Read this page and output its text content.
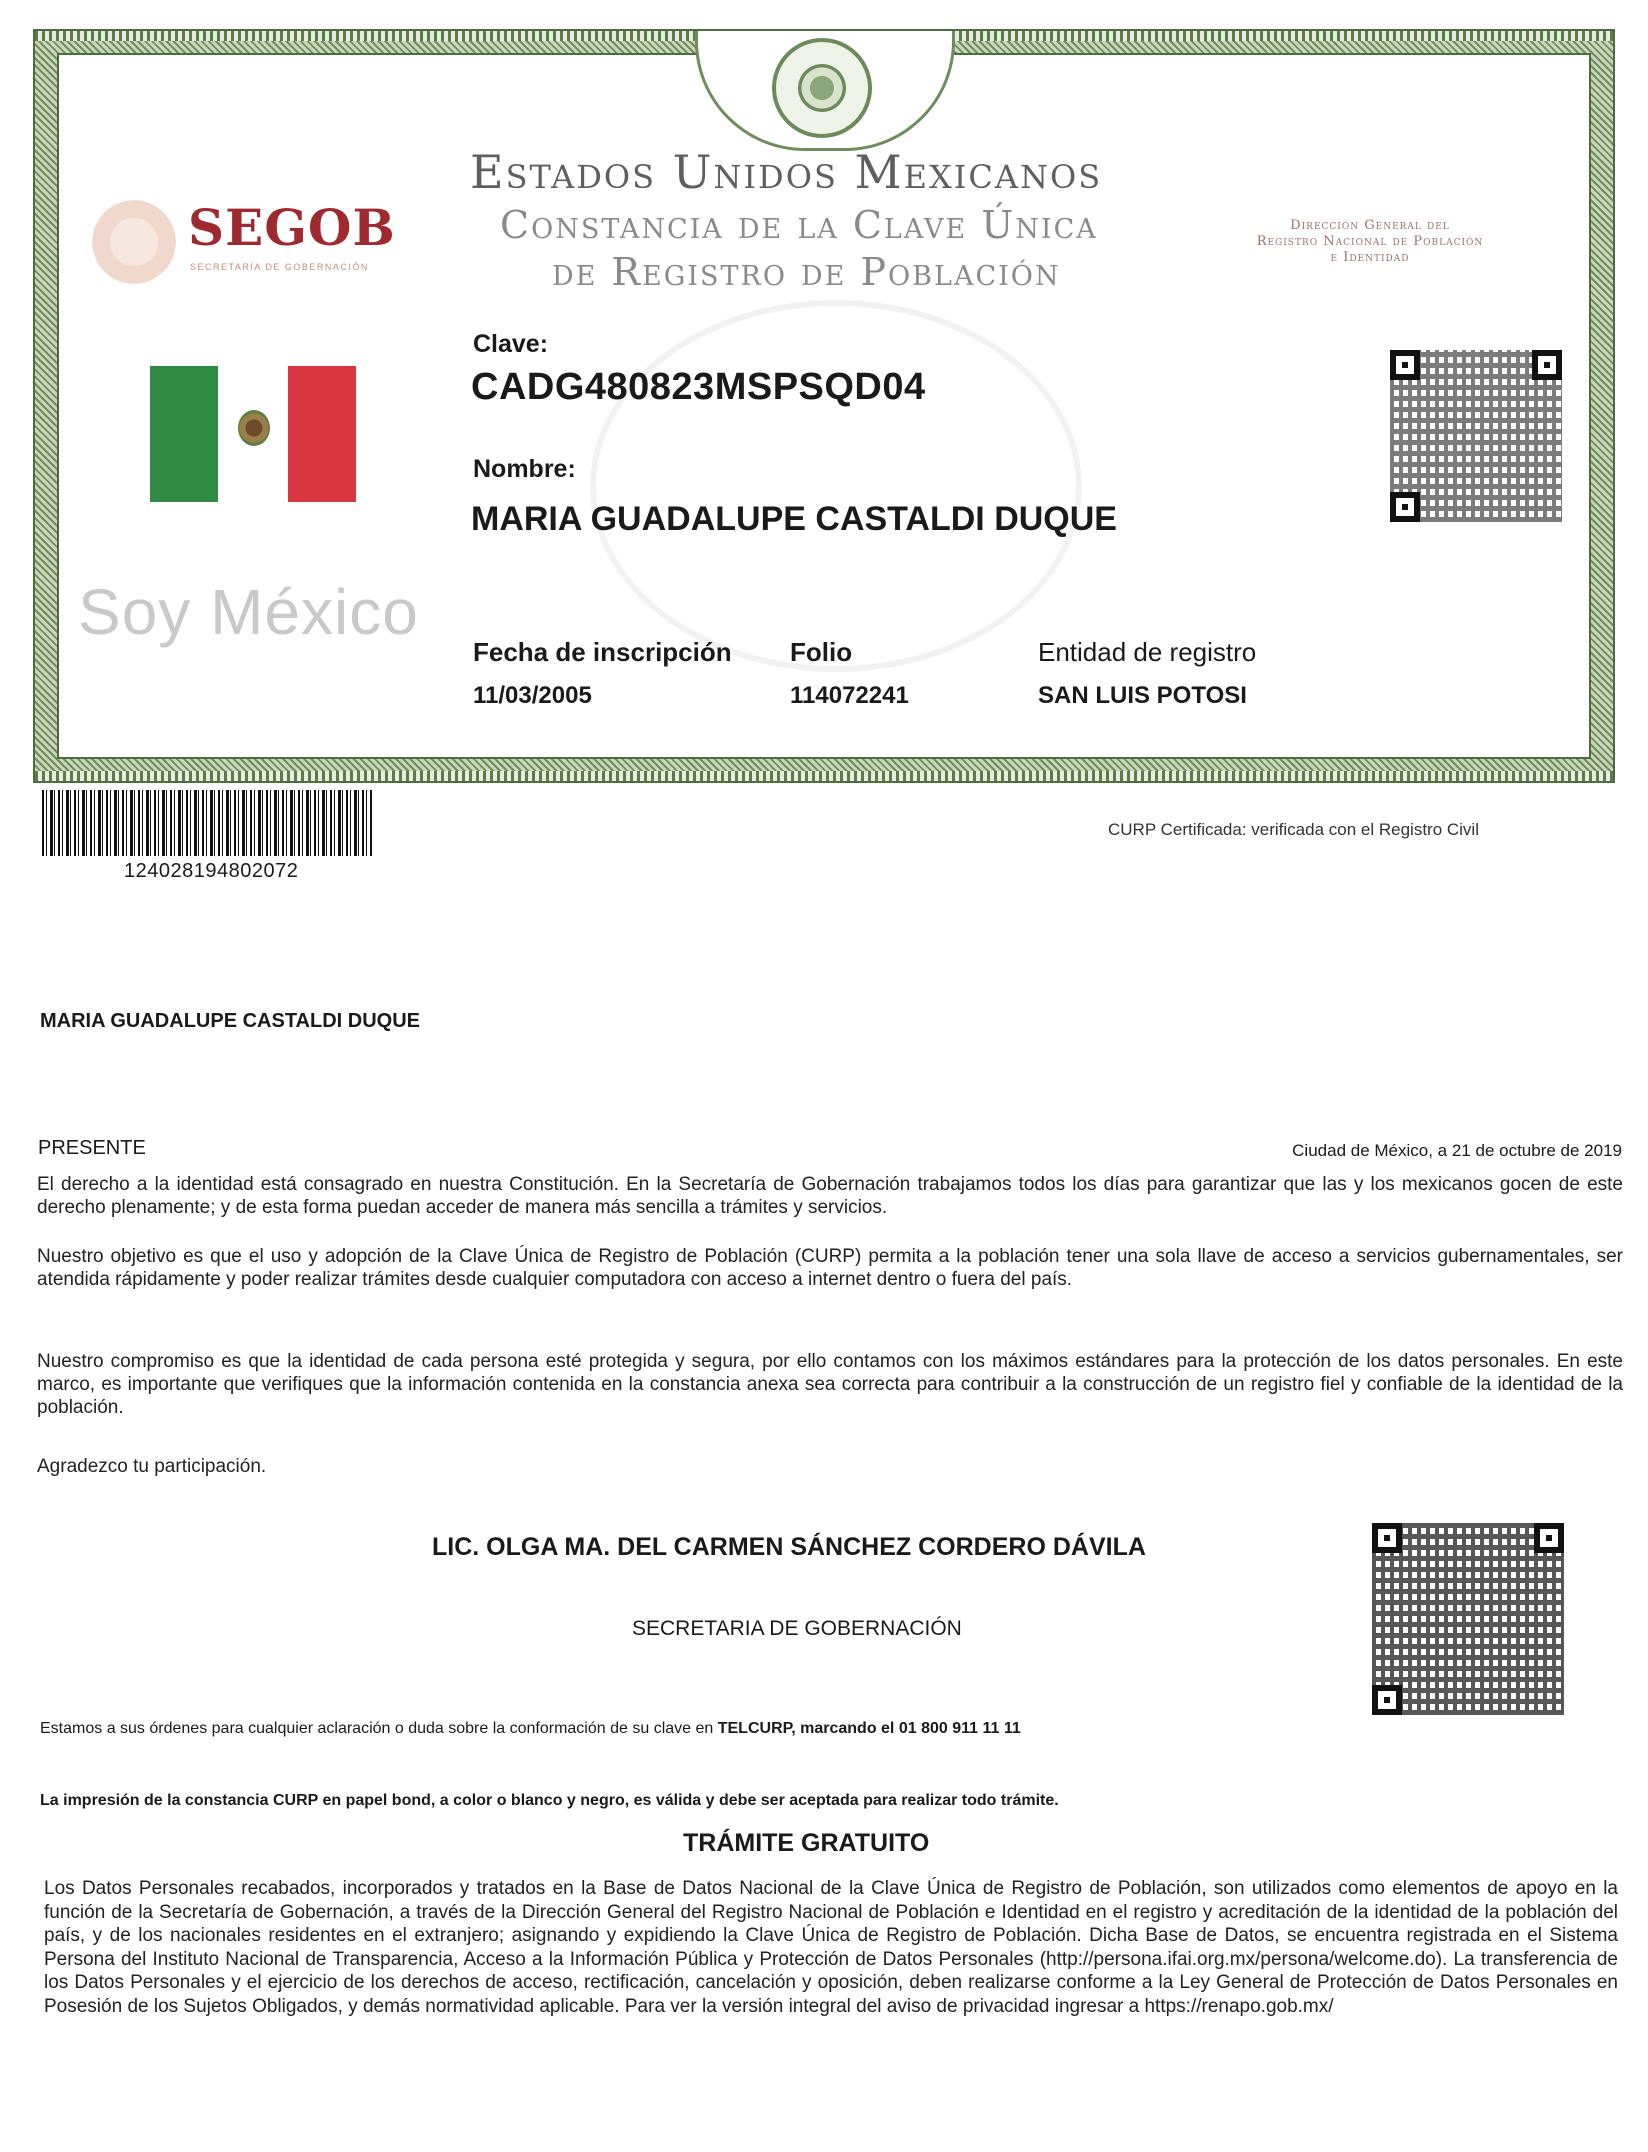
Estados Unidos Mexicanos
Constancia de la Clave Única
de Registro de Población
SEGOB
SECRETARÍA DE GOBERNACIÓN
Dirección General del
Registro Nacional de Población
e Identidad
Soy México
Clave:
CADG480823MSPSQD04
Nombre:
MARIA GUADALUPE CASTALDI DUQUE
Fecha de inscripción
11/03/2005
Folio
114072241
Entidad de registro
SAN LUIS POTOSI
124028194802072
CURP Certificada: verificada con el Registro Civil
MARIA GUADALUPE CASTALDI DUQUE
PRESENTE	Ciudad de México, a 21 de octubre de 2019
El derecho a la identidad está consagrado en nuestra Constitución. En la Secretaría de Gobernación trabajamos todos los días para garantizar que las y los mexicanos gocen de este derecho plenamente; y de esta forma puedan acceder de manera más sencilla a trámites y servicios.
Nuestro objetivo es que el uso y adopción de la Clave Única de Registro de Población (CURP) permita a la población tener una sola llave de acceso a servicios gubernamentales, ser atendida rápidamente y poder realizar trámites desde cualquier computadora con acceso a internet dentro o fuera del país.
Nuestro compromiso es que la identidad de cada persona esté protegida y segura, por ello contamos con los máximos estándares para la protección de los datos personales. En este marco, es importante que verifiques que la información contenida en la constancia anexa sea correcta para contribuir a la construcción de un registro fiel y confiable de la identidad de la población.
Agradezco tu participación.
LIC. OLGA MA. DEL CARMEN SÁNCHEZ CORDERO DÁVILA
SECRETARIA DE GOBERNACIÓN
Estamos a sus órdenes para cualquier aclaración o duda sobre la conformación de su clave en TELCURP, marcando el 01 800 911 11 11
La impresión de la constancia CURP en papel bond, a color o blanco y negro, es válida y debe ser aceptada para realizar todo trámite.
TRÁMITE GRATUITO
Los Datos Personales recabados, incorporados y tratados en la Base de Datos Nacional de la Clave Única de Registro de Población, son utilizados como elementos de apoyo en la función de la Secretaría de Gobernación, a través de la Dirección General del Registro Nacional de Población e Identidad en el registro y acreditación de la identidad de la población del país, y de los nacionales residentes en el extranjero; asignando y expidiendo la Clave Única de Registro de Población. Dicha Base de Datos, se encuentra registrada en el Sistema Persona del Instituto Nacional de Transparencia, Acceso a la Información Pública y Protección de Datos Personales (http://persona.ifai.org.mx/persona/welcome.do). La transferencia de los Datos Personales y el ejercicio de los derechos de acceso, rectificación, cancelación y oposición, deben realizarse conforme a la Ley General de Protección de Datos Personales en Posesión de los Sujetos Obligados, y demás normatividad aplicable. Para ver la versión integral del aviso de privacidad ingresar a https://renapo.gob.mx/
